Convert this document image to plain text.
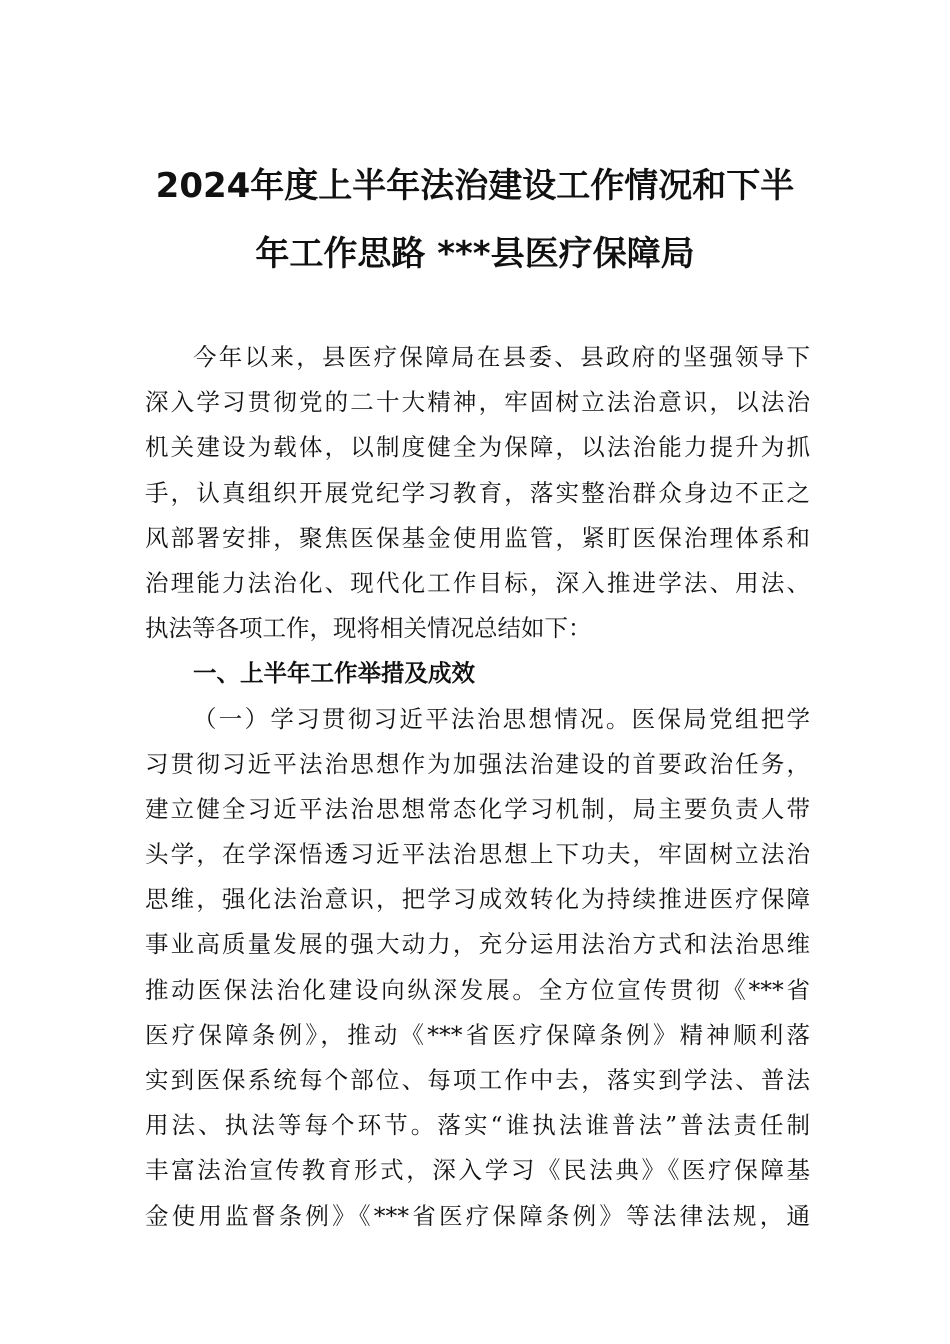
2024年度上半年法治建设工作情况和下半
年工作思路 ***县医疗保障局
今年以来，县医疗保障局在县委、县政府的坚强领导下
深入学习贯彻党的二十大精神，牢固树立法治意识，以法治
机关建设为载体，以制度健全为保障，以法治能力提升为抓
手，认真组织开展党纪学习教育，落实整治群众身边不正之
风部署安排，聚焦医保基金使用监管，紧盯医保治理体系和
治理能力法治化、现代化工作目标，深入推进学法、用法、
执法等各项工作，现将相关情况总结如下：
一、上半年工作举措及成效
（一）学习贯彻习近平法治思想情况。医保局党组把学
习贯彻习近平法治思想作为加强法治建设的首要政治任务，
建立健全习近平法治思想常态化学习机制，局主要负责人带
头学，在学深悟透习近平法治思想上下功夫，牢固树立法治
思维，强化法治意识，把学习成效转化为持续推进医疗保障
事业高质量发展的强大动力，充分运用法治方式和法治思维
推动医保法治化建设向纵深发展。全方位宣传贯彻《***省
医疗保障条例》，推动《***省医疗保障条例》精神顺利落
实到医保系统每个部位、每项工作中去，落实到学法、普法
用法、执法等每个环节。落实“谁执法谁普法”普法责任制
丰富法治宣传教育形式，深入学习《民法典》《医疗保障基
金使用监督条例》《***省医疗保障条例》等法律法规，通
